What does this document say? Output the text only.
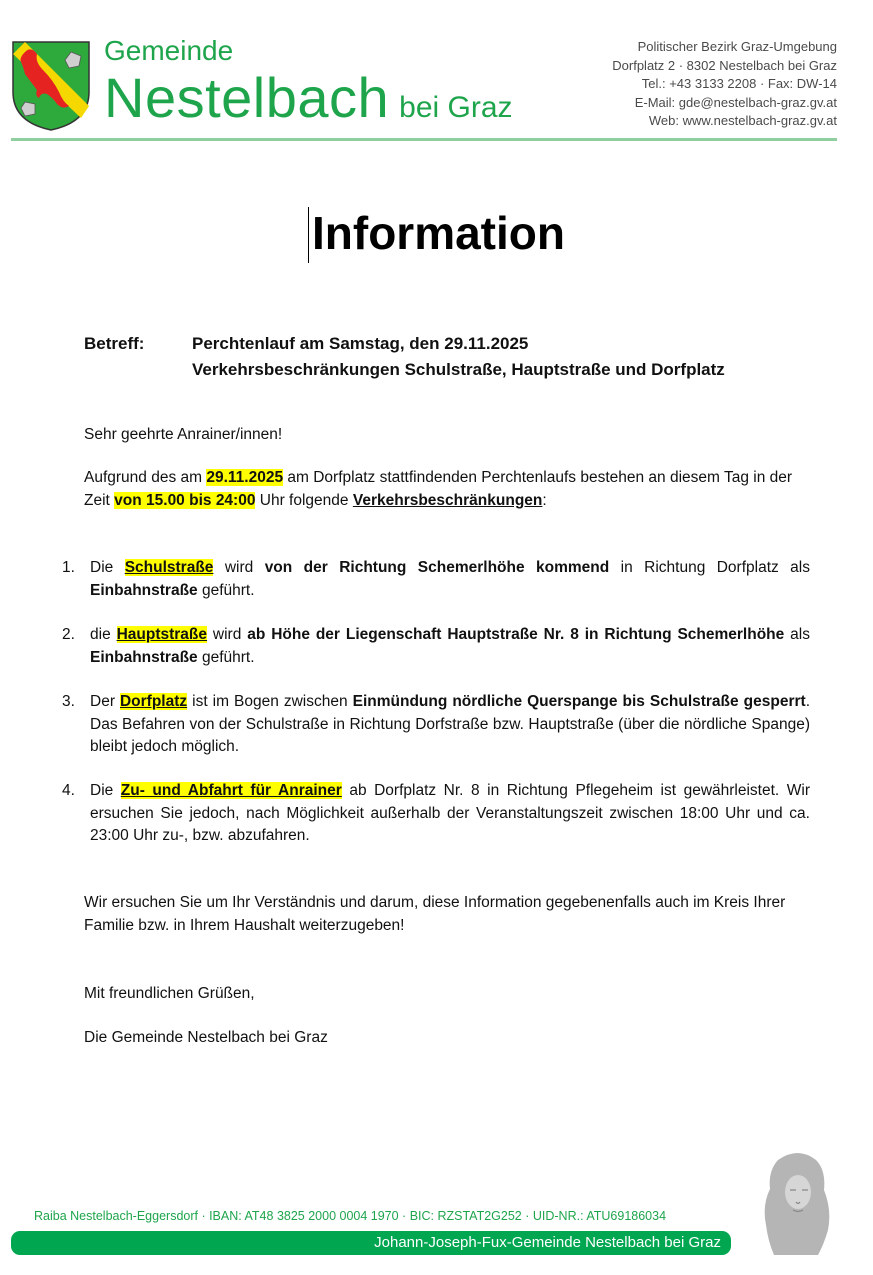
Gemeinde
Nestelbach bei Graz
Politischer Bezirk Graz-Umgebung
Dorfplatz 2 · 8302 Nestelbach bei Graz
Tel.: +43 3133 2208 · Fax: DW-14
E-Mail: gde@nestelbach-graz.gv.at
Web: www.nestelbach-graz.gv.at
Information
Betreff:	Perchtenlauf am Samstag, den 29.11.2025
Verkehrsbeschränkungen Schulstraße, Hauptstraße und Dorfplatz
Sehr geehrte Anrainer/innen!
Aufgrund des am 29.11.2025 am Dorfplatz stattfindenden Perchtenlaufs bestehen an diesem Tag in der Zeit von 15.00 bis 24:00 Uhr folgende Verkehrsbeschränkungen:
1. Die Schulstraße wird von der Richtung Schemerlhöhe kommend in Richtung Dorfplatz als Einbahnstraße geführt.
2. die Hauptstraße wird ab Höhe der Liegenschaft Hauptstraße Nr. 8 in Richtung Schemerlhöhe als Einbahnstraße geführt.
3. Der Dorfplatz ist im Bogen zwischen Einmündung nördliche Querspange bis Schulstraße gesperrt. Das Befahren von der Schulstraße in Richtung Dorfstraße bzw. Hauptstraße (über die nördliche Spange) bleibt jedoch möglich.
4. Die Zu- und Abfahrt für Anrainer ab Dorfplatz Nr. 8 in Richtung Pflegeheim ist gewährleistet. Wir ersuchen Sie jedoch, nach Möglichkeit außerhalb der Veranstaltungszeit zwischen 18:00 Uhr und ca. 23:00 Uhr zu-, bzw. abzufahren.
Wir ersuchen Sie um Ihr Verständnis und darum, diese Information gegebenenfalls auch im Kreis Ihrer Familie bzw. in Ihrem Haushalt weiterzugeben!
Mit freundlichen Grüßen,
Die Gemeinde Nestelbach bei Graz
Raiba Nestelbach-Eggersdorf · IBAN: AT48 3825 2000 0004 1970 · BIC: RZSTAT2G252 · UID-NR.: ATU69186034
Johann-Joseph-Fux-Gemeinde Nestelbach bei Graz
